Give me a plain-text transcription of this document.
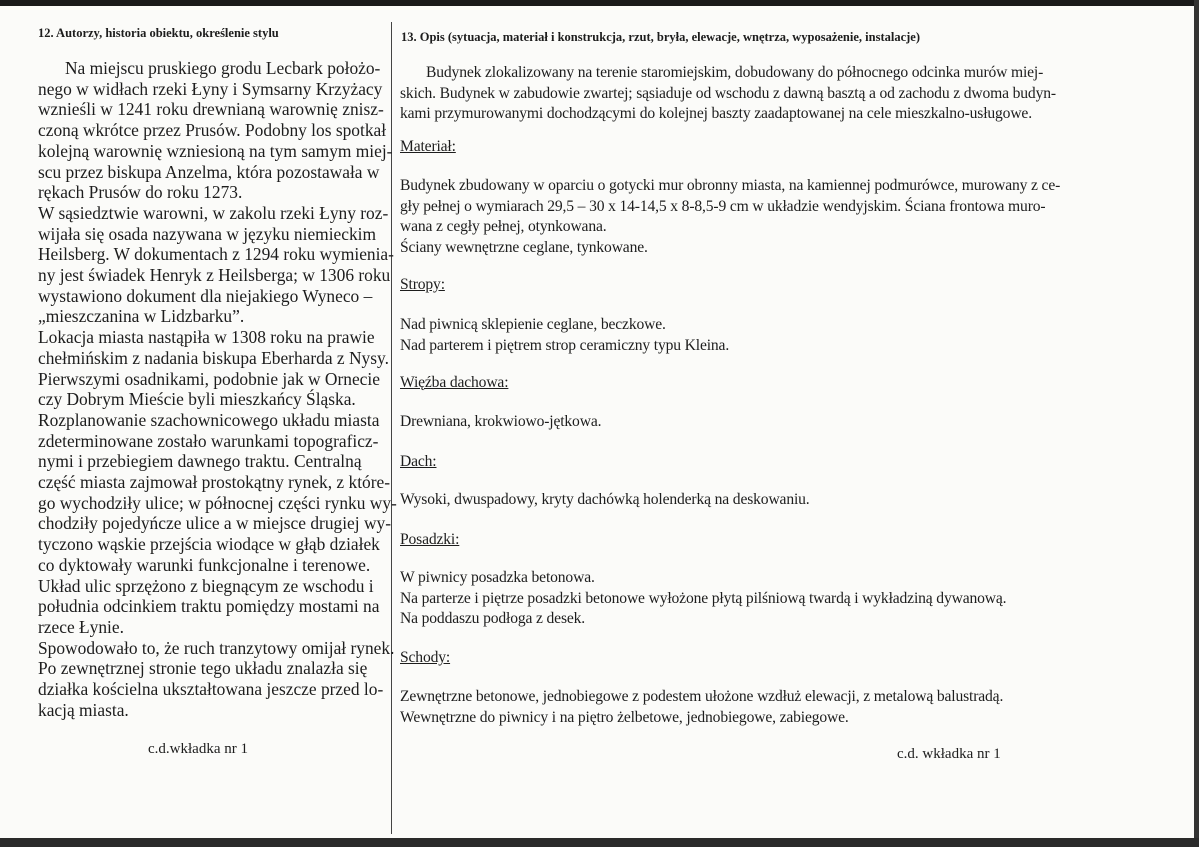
12. Autorzy, historia obiektu, określenie stylu
Na miejscu pruskiego grodu Lecbark położo-
nego w widłach rzeki Łyny i Symsarny Krzyżacy
wznieśli w 1241 roku drewnianą warownię znisz-
czoną wkrótce przez Prusów. Podobny los spotkał
kolejną warownię wzniesioną na tym samym miej-
scu przez biskupa Anzelma, która pozostawała w
rękach Prusów do roku 1273.
W sąsiedztwie warowni, w zakolu rzeki Łyny roz-
wijała się osada nazywana w języku niemieckim
Heilsberg. W dokumentach z 1294 roku wymienia-
ny jest świadek Henryk z Heilsberga; w 1306 roku
wystawiono dokument dla niejakiego Wyneco –
„mieszczanina w Lidzbarku”.
Lokacja miasta nastąpiła w 1308 roku na prawie
chełmińskim z nadania biskupa Eberharda z Nysy.
Pierwszymi osadnikami, podobnie jak w Ornecie
czy Dobrym Mieście byli mieszkańcy Śląska.
Rozplanowanie szachownicowego układu miasta
zdeterminowane zostało warunkami topograficz-
nymi i przebiegiem dawnego traktu. Centralną
część miasta zajmował prostokątny rynek, z które-
go wychodziły ulice; w północnej części rynku wy-
chodziły pojedyńcze ulice a w miejsce drugiej wy-
tyczono wąskie przejścia wiodące w głąb działek
co dyktowały warunki funkcjonalne i terenowe.
Układ ulic sprzężono z biegnącym ze wschodu i
południa odcinkiem traktu pomiędzy mostami na
rzece Łynie.
Spowodowało to, że ruch tranzytowy omijał rynek.
Po zewnętrznej stronie tego układu znalazła się
działka kościelna ukształtowana jeszcze przed lo-
kacją miasta.
c.d.wkładka nr 1
13. Opis (sytuacja, materiał i konstrukcja, rzut, bryła, elewacje, wnętrza, wyposażenie, instalacje)
Budynek zlokalizowany na terenie staromiejskim, dobudowany do północnego odcinka murów miej-
skich. Budynek w zabudowie zwartej; sąsiaduje od wschodu z dawną basztą a od zachodu z dwoma budyn-
kami przymurowanymi dochodzącymi do kolejnej baszty zaadaptowanej na cele mieszkalno-usługowe.
Materiał:
Budynek zbudowany w oparciu o gotycki mur obronny miasta, na kamiennej podmurówce, murowany z ce-
gły pełnej o wymiarach 29,5 – 30 x 14-14,5 x 8-8,5-9 cm w układzie wendyjskim. Ściana frontowa muro-
wana z cegły pełnej, otynkowana.
Ściany wewnętrzne ceglane, tynkowane.
Stropy:
Nad piwnicą sklepienie ceglane, beczkowe.
Nad parterem i piętrem strop ceramiczny typu Kleina.
Więźba dachowa:
Drewniana, krokwiowo-jętkowa.
Dach:
Wysoki, dwuspadowy, kryty dachówką holenderką na deskowaniu.
Posadzki:
W piwnicy posadzka betonowa.
Na parterze i piętrze posadzki betonowe wyłożone płytą pilśniową twardą i wykładziną dywanową.
Na poddaszu podłoga z desek.
Schody:
Zewnętrzne betonowe, jednobiegowe z podestem ułożone wzdłuż elewacji, z metalową balustradą.
Wewnętrzne do piwnicy i na piętro żelbetowe, jednobiegowe, zabiegowe.
c.d. wkładka nr 1
